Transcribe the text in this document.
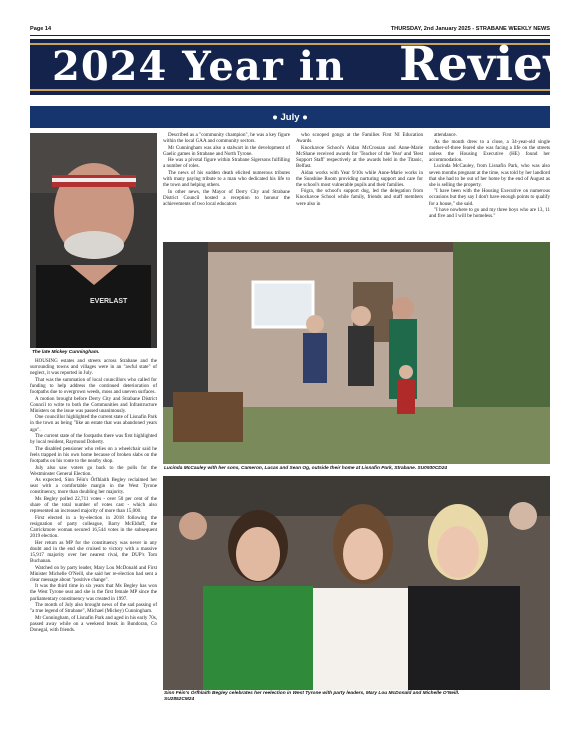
Page 14	THURSDAY, 2nd January 2025 - STRABANE WEEKLY NEWS
2024 Year in Review
● July ●
EVERLAST
The late Mickey Cunningham.
Lucinda McCauley with her sons, Cameron, Lucas and Sean Og, outside their home at Lisnafin Park, Strabane. SU0930CD24
Sinn Féin's Órfhlaith Begley celebrates her reelection in West Tyrone with party leaders, Mary Lou McDonald and Michelle O'Neill. SU2852CM24

HOUSING estates and streets across Strabane and the surrounding towns and villages were in an "awful state" of neglect, it was reported in July.

That was the summation of local councillors who called for funding to help address the continued deterioration of footpaths due to overgrown weeds, moss and uneven surfaces.

A motion brought before Derry City and Strabane District Council to write to both the Communities and Infrastructure Ministers on the issue was passed unanimously.

One councillor highlighted the current state of Lisnafin Park in the town as being "like an estate that was abandoned years ago".

The current state of the footpaths there was first highlighted by local resident, Raymond Doherty.

The disabled pensioner who relies on a wheelchair said he feels trapped in his own home because of broken slabs on the footpaths on his route to the nearby shop.

July also saw voters go back to the polls for the Westminster General Election.

As expected, Sinn Féin's Órfhlaith Begley reclaimed her seat with a comfortable margin in the West Tyrone constituency, more than doubling her majority.

Ms Begley polled 22,711 votes - over 50 per cent of the share of the total number of votes cast - which also represented an increased majority of more than 15,000.

First elected in a by-election in 2018 following the resignation of party colleague, Barry McElduff, the Carrickmore woman secured 16,544 votes in the subsequent 2019 election.

Her return as MP for the constituency was never in any doubt and in the end she cruised to victory with a massive 15,917 majority over her nearest rival, the DUP's Tom Buchanan.

Watched on by party leader, Mary Lou McDonald and First Minister Michelle O'Neill, she said her re-election had sent a clear message about "positive change".

It was the third time in six years that Ms Begley has won the West Tyrone seat and she is the first female MP since the parliamentary constituency was created in 1997.

The month of July also brought news of the sad passing of "a true legend of Strabane", Michael (Mickey) Cunningham.

Mr Cunningham, of Lisnafin Park and aged in his early 70s, passed away while on a weekend break in Bundoran, Co Donegal, with friends.

Described as a "community champion", he was a key figure within the local GAA and community sectors.

Mr Cunningham was also a stalwart in the development of Gaelic games in Strabane and North Tyrone.

He was a pivotal figure within Strabane Sigersons fulfilling a number of roles.

The news of his sudden death elicited numerous tributes with many paying tribute to a man who dedicated his life to the town and helping others.

In other news, the Mayor of Derry City and Strabane District Council hosted a reception to honour the achievements of two local educators

who scooped gongs at the Families First NI Education Awards.

Knockavoe School's Aidan McCrossan and Anne-Marie McShane received awards for 'Teacher of the Year' and 'Best Support Staff' respectively at the awards held in the Titanic, Belfast.

Aidan works with Year 9/10s while Anne-Marie works in the Sunshine Room providing nurturing support and care for the school's most vulnerable pupils and their families.

Fógra, the school's support dog, led the delegation from Knockavoe School while family, friends and staff members were also in

attendance.

As the month drew to a close, a 34-year-old single mother-of-three feared she was facing a life on the streets unless the Housing Executive (HE) found her accommodation.

Lucinda McCauley, from Lisnafin Park, who was also seven months pregnant at the time, was told by her landlord that she had to be out of her home by the end of August as she is selling the property.

"I have been with the Housing Executive on numerous occasions but they say I don't have enough points to qualify for a house," she said.

"I have nowhere to go and my three boys who are 13, 11 and five and I will be homeless."
